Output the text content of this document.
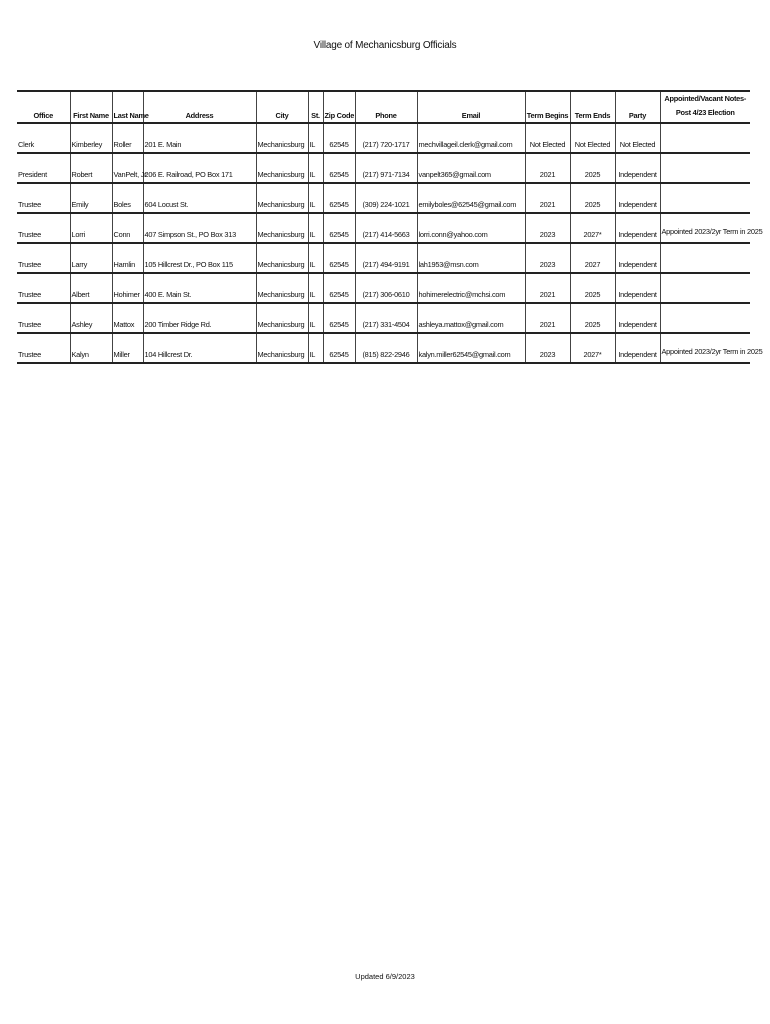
Village of Mechanicsburg Officials
Office	First Name	Last Name	Address	City	St.	Zip Code	Phone	Email	Term Begins	Term Ends	Party	Appointed/Vacant Notes-Post 4/23 Election
Clerk	Kimberley	Roller	201 E. Main	Mechanicsburg	IL	62545	(217) 720-1717	mechvillageil.clerk@gmail.com	Not Elected	Not Elected	Not Elected	
President	Robert	VanPelt, Jr.	206 E. Railroad, PO Box 171	Mechanicsburg	IL	62545	(217) 971-7134	vanpelt365@gmail.com	2021	2025	Independent	
Trustee	Emily	Boles	604 Locust St.	Mechanicsburg	IL	62545	(309) 224-1021	emilyboles@62545@gmail.com	2021	2025	Independent	
Trustee	Lorri	Conn	407 Simpson St., PO Box 313	Mechanicsburg	IL	62545	(217) 414-5663	lorri.conn@yahoo.com	2023	2027*	Independent	Appointed 2023/2yr Term in 2025
Trustee	Larry	Hamlin	105 Hillcrest Dr., PO Box 115	Mechanicsburg	IL	62545	(217) 494-9191	lah1953@msn.com	2023	2027	Independent	
Trustee	Albert	Hohimer	400 E. Main St.	Mechanicsburg	IL	62545	(217) 306-0610	hohimerelectric@mchsi.com	2021	2025	Independent	
Trustee	Ashley	Mattox	200 Timber Ridge Rd.	Mechanicsburg	IL	62545	(217) 331-4504	ashleya.mattox@gmail.com	2021	2025	Independent	
Trustee	Kalyn	Miller	104 Hillcrest Dr.	Mechanicsburg	IL	62545	(815) 822-2946	kalyn.miller62545@gmail.com	2023	2027*	Independent	Appointed 2023/2yr Term in 2025
Updated 6/9/2023
